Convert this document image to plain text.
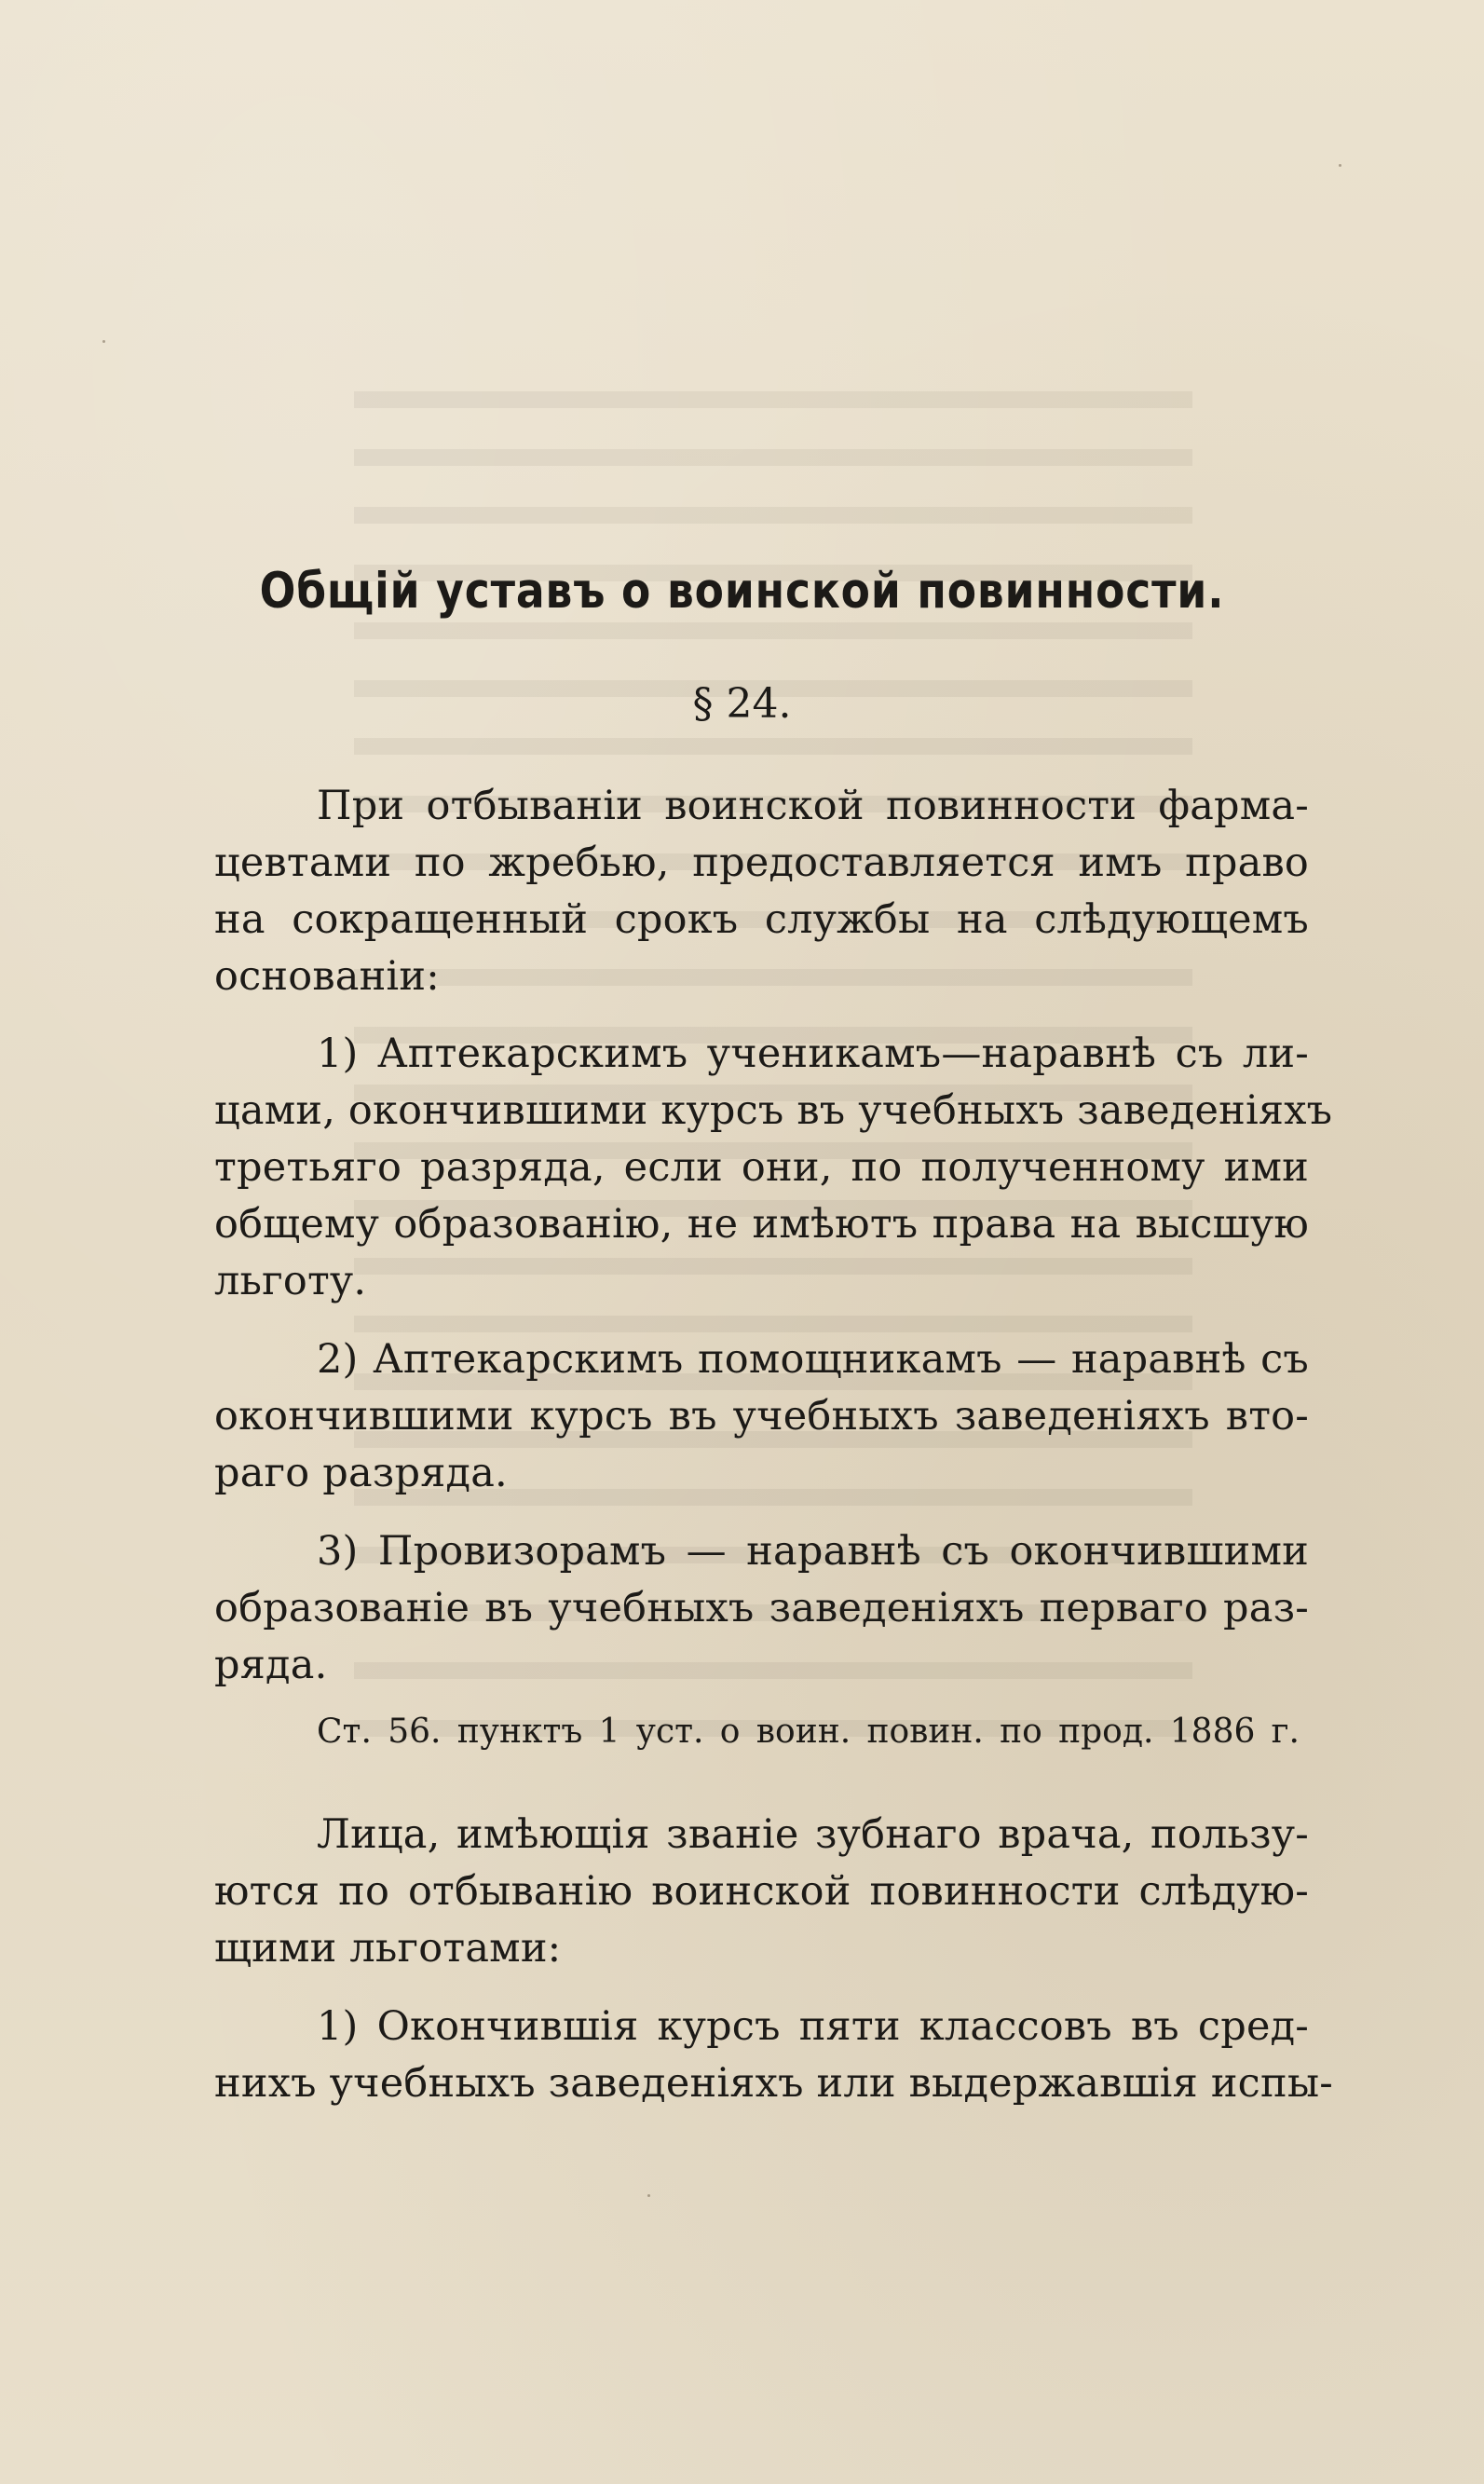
Общій уставъ о воинской повинности.
§ 24.
При отбываніи воинской повинности фарма-
цевтами по жребью, предоставляется имъ право
на сокращенный срокъ службы на слѣдующемъ
основаніи:
1) Аптекарскимъ ученикамъ—наравнѣ съ ли-
цами, окончившими курсъ въ учебныхъ заведеніяхъ
третьяго разряда, если они, по полученному ими
общему образованію, не имѣютъ права на высшую
льготу.
2) Аптекарскимъ помощникамъ — наравнѣ съ
окончившими курсъ въ учебныхъ заведеніяхъ вто-
раго разряда.
3) Провизорамъ — наравнѣ съ окончившими
образованіе въ учебныхъ заведеніяхъ перваго раз-
ряда.
Ст. 56. пунктъ 1 уст. о воин. повин. по прод. 1886 г.
Лица, имѣющія званіе зубнаго врача, пользу-
ются по отбыванію воинской повинности слѣдую-
щими льготами:
1) Окончившія курсъ пяти классовъ въ сред-
нихъ учебныхъ заведеніяхъ или выдержавшія испы-
